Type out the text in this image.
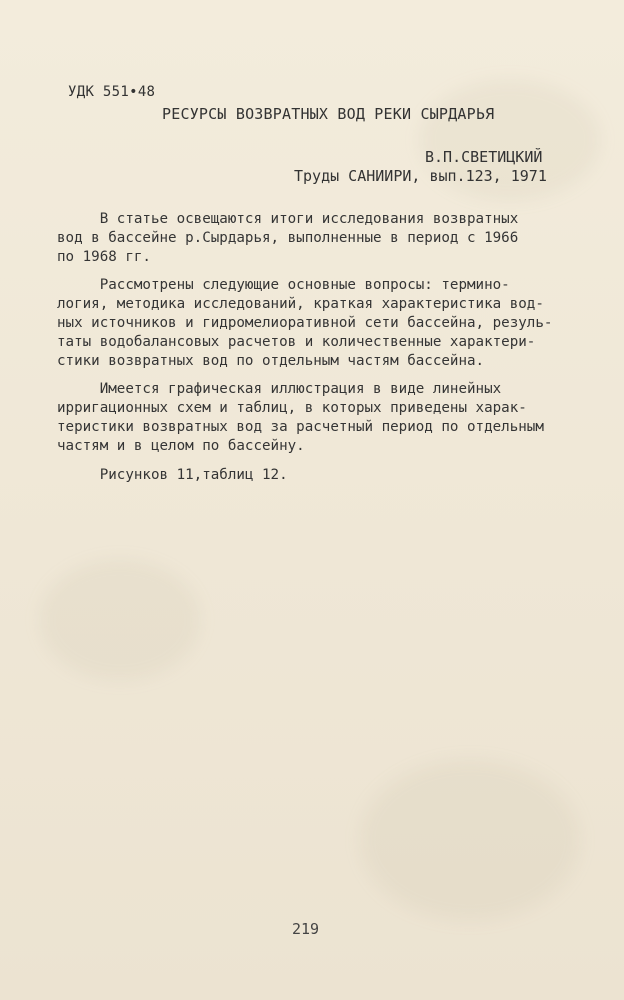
УДК 551•48
РЕСУРСЫ ВОЗВРАТНЫХ ВОД РЕКИ СЫРДАРЬЯ
В.П.СВЕТИЦКИЙ
Труды САНИИРИ, вып.123, 1971
В статье освещаются итоги исследования возвратных
вод в бассейне р.Сырдарья, выполненные в период с 1966
по 1968 гг.
Рассмотрены следующие основные вопросы: термино-
логия, методика исследований, краткая характеристика вод-
ных источников и гидромелиоративной сети бассейна, резуль-
таты водобалансовых расчетов и количественные характери-
стики возвратных вод по отдельным частям бассейна.
Имеется графическая иллюстрация в виде линейных
ирригационных схем и таблиц, в которых приведены харак-
теристики возвратных вод за расчетный период по отдельным
частям и в целом по бассейну.
Рисунков 11,таблиц 12.
219
